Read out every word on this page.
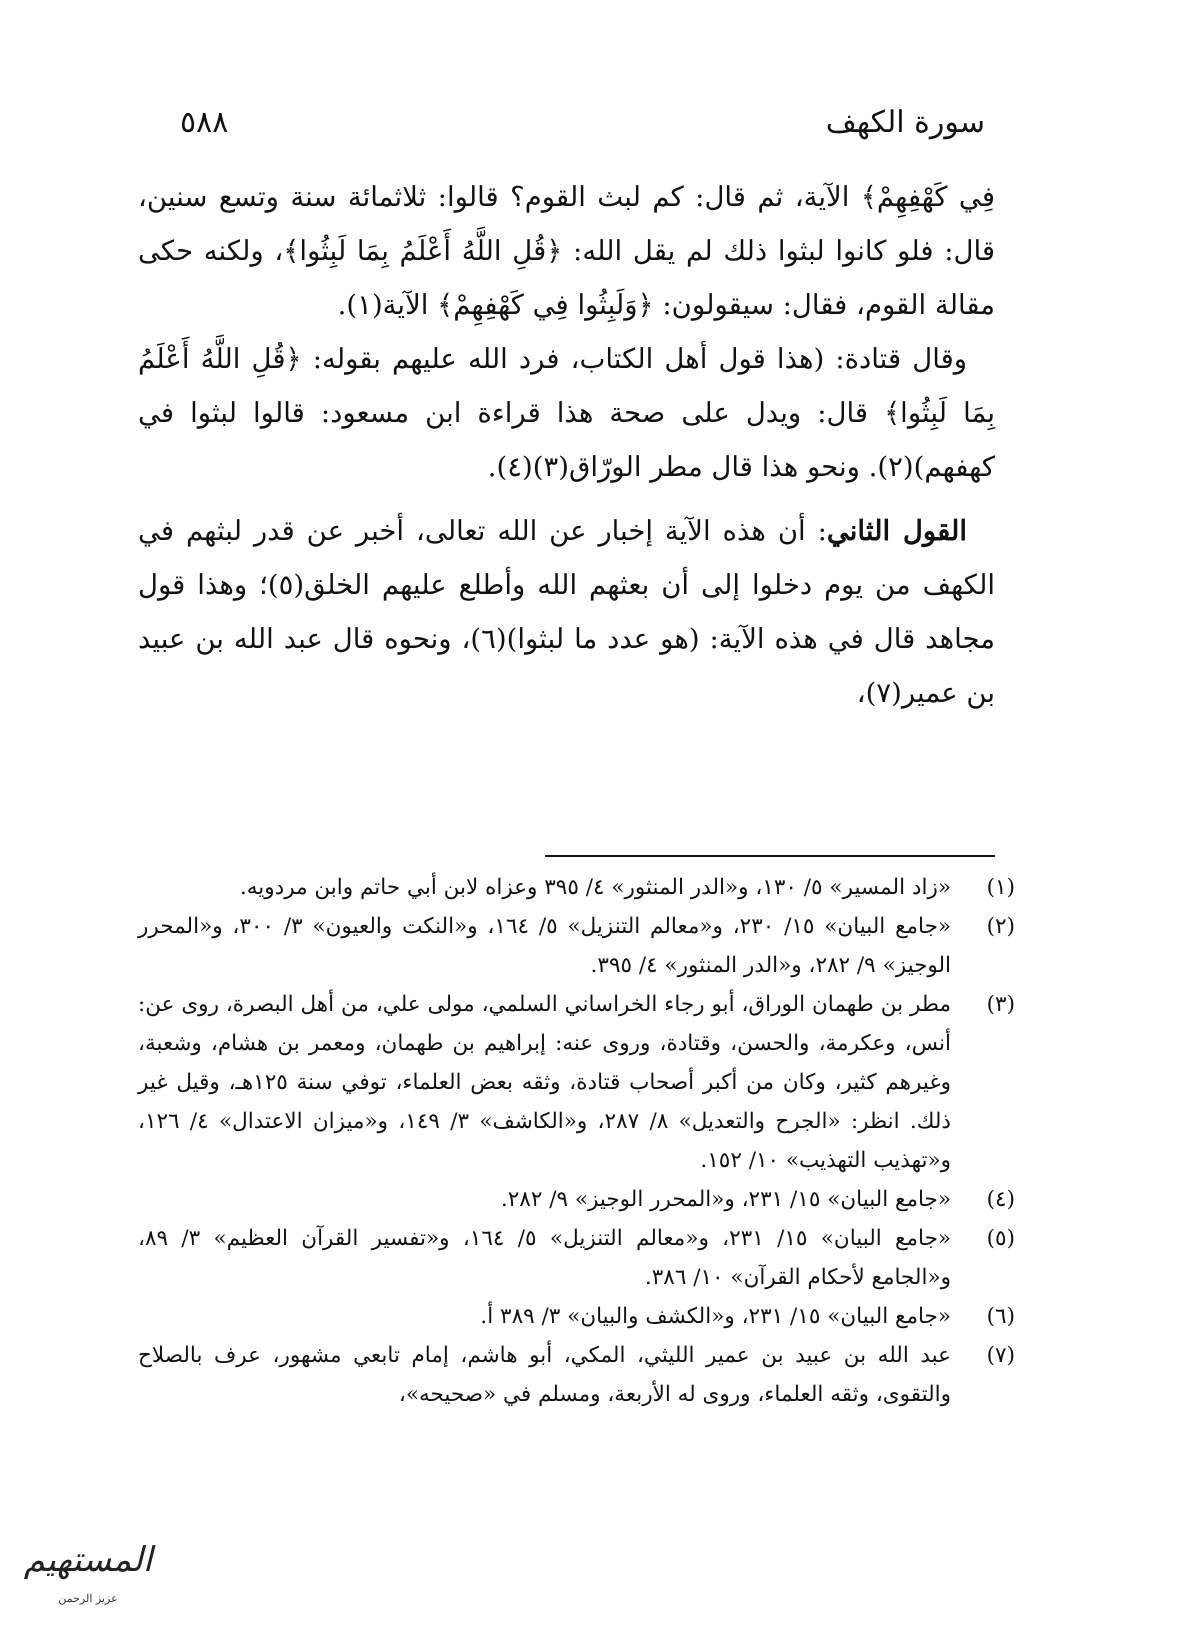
٥٨٨	سورة الكهف

فِي كَهْفِهِمْ﴾ الآية، ثم قال: كم لبث القوم؟ قالوا: ثلاثمائة سنة وتسع سنين، قال: فلو كانوا لبثوا ذلك لم يقل الله: ﴿قُلِ اللَّهُ أَعْلَمُ بِمَا لَبِثُوا﴾، ولكنه حكى مقالة القوم، فقال: سيقولون: ﴿وَلَبِثُوا فِي كَهْفِهِمْ﴾ الآية(١).

وقال قتادة: (هذا قول أهل الكتاب، فرد الله عليهم بقوله: ﴿قُلِ اللَّهُ أَعْلَمُ بِمَا لَبِثُوا﴾ قال: ويدل على صحة هذا قراءة ابن مسعود: قالوا لبثوا في كهفهم)(٢). ونحو هذا قال مطر الورّاق(٣)(٤).

القول الثاني: أن هذه الآية إخبار عن الله تعالى، أخبر عن قدر لبثهم في الكهف من يوم دخلوا إلى أن بعثهم الله وأطلع عليهم الخلق(٥)؛ وهذا قول مجاهد قال في هذه الآية: (هو عدد ما لبثوا)(٦)، ونحوه قال عبد الله بن عبيد بن عمير(٧)،

(١)
«زاد المسير» ٥/ ١٣٠، و«الدر المنثور» ٤/ ٣٩٥ وعزاه لابن أبي حاتم وابن مردويه.
(٢)
«جامع البيان» ١٥/ ٢٣٠، و«معالم التنزيل» ٥/ ١٦٤، و«النكت والعيون» ٣/ ٣٠٠، و«المحرر الوجيز» ٩/ ٢٨٢، و«الدر المنثور» ٤/ ٣٩٥.
(٣)
مطر بن طهمان الوراق، أبو رجاء الخراساني السلمي، مولى علي، من أهل البصرة، روى عن: أنس، وعكرمة، والحسن، وقتادة، وروى عنه: إبراهيم بن طهمان، ومعمر بن هشام، وشعبة، وغيرهم كثير، وكان من أكبر أصحاب قتادة، وثقه بعض العلماء، توفي سنة ١٢٥هـ، وقيل غير ذلك. انظر: «الجرح والتعديل» ٨/ ٢٨٧، و«الكاشف» ٣/ ١٤٩، و«ميزان الاعتدال» ٤/ ١٢٦، و«تهذيب التهذيب» ١٠/ ١٥٢.
(٤)
«جامع البيان» ١٥/ ٢٣١، و«المحرر الوجيز» ٩/ ٢٨٢.
(٥)
«جامع البيان» ١٥/ ٢٣١، و«معالم التنزيل» ٥/ ١٦٤، و«تفسير القرآن العظيم» ٣/ ٨٩، و«الجامع لأحكام القرآن» ١٠/ ٣٨٦.
(٦)
«جامع البيان» ١٥/ ٢٣١، و«الكشف والبيان» ٣/ ٣٨٩ أ.
(٧)
عبد الله بن عبيد بن عمير الليثي، المكي، أبو هاشم، إمام تابعي مشهور، عرف بالصلاح والتقوى، وثقه العلماء، وروى له الأربعة، ومسلم في «صحيحه»،
المستهيم
عزیز الرحمن
